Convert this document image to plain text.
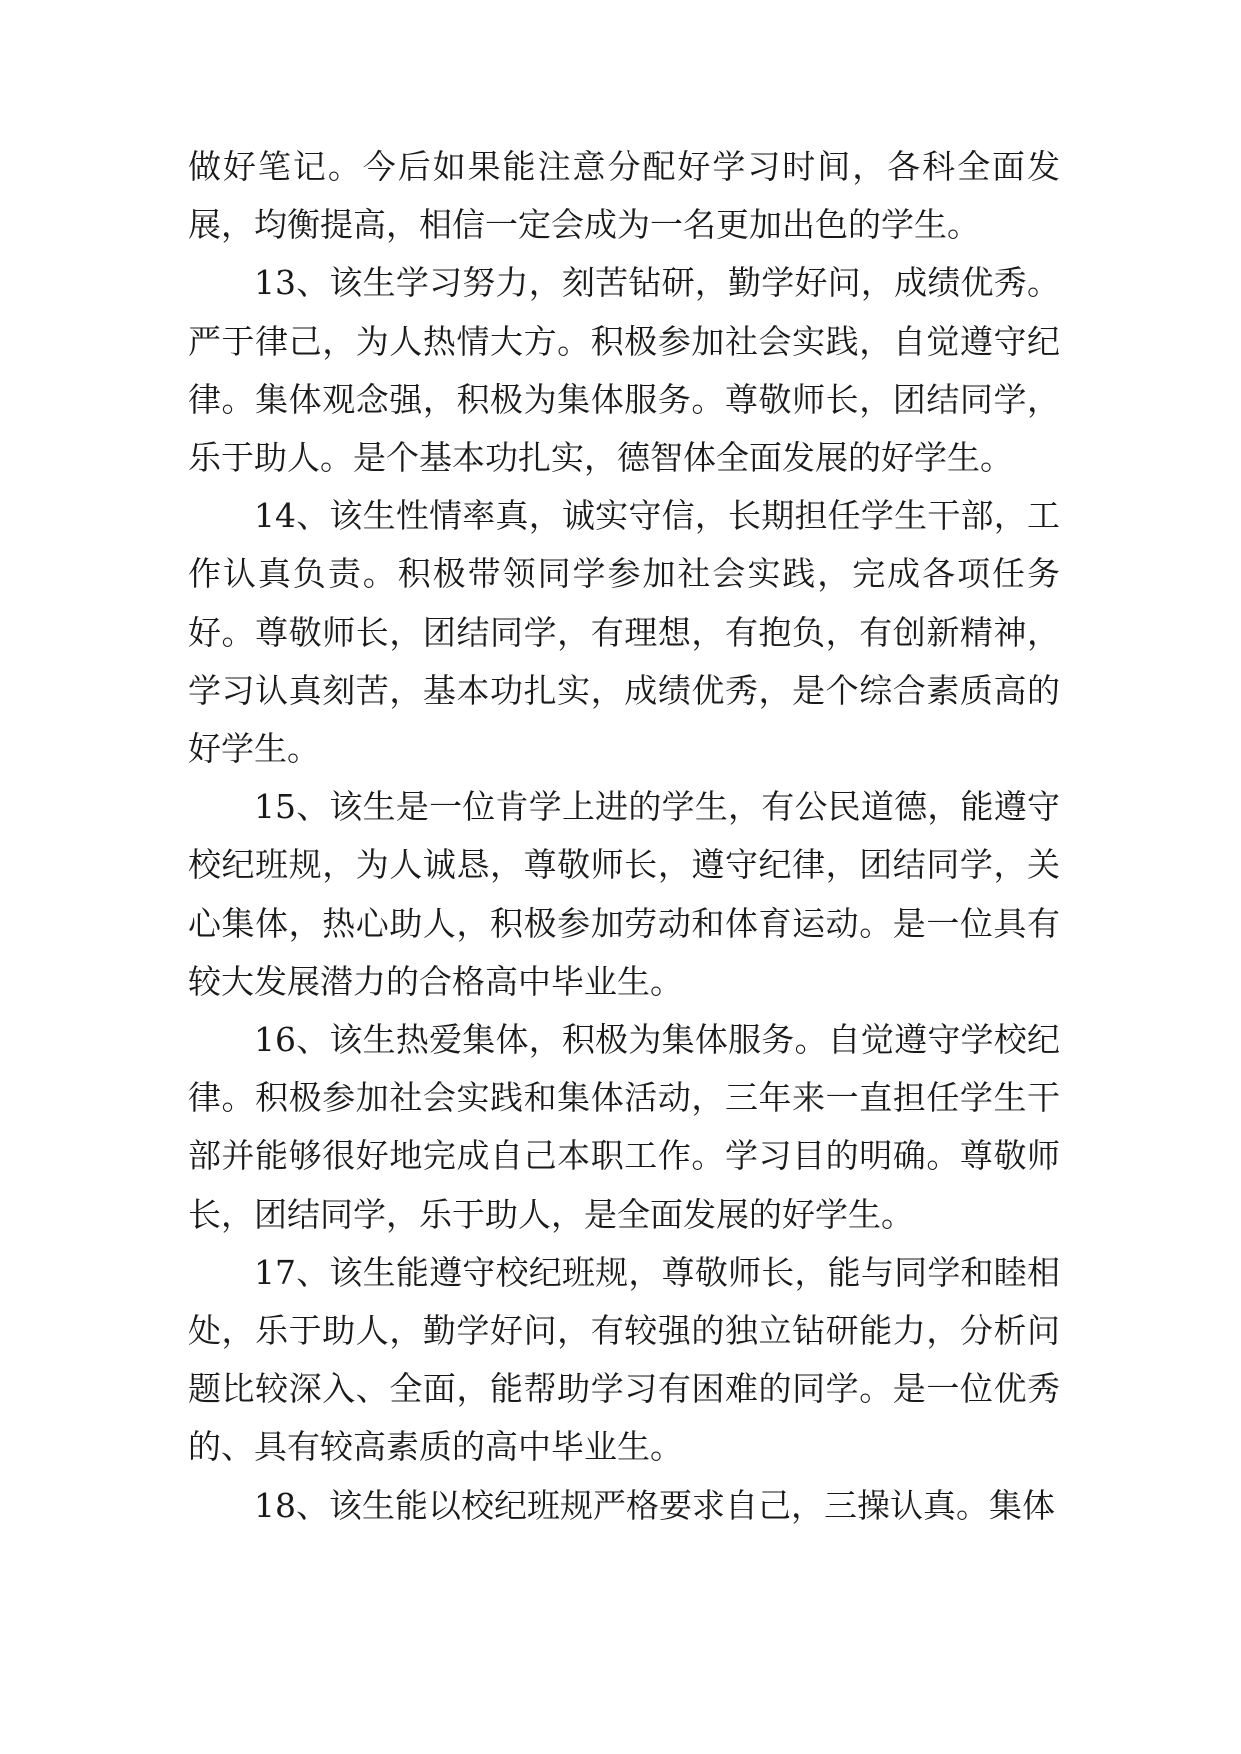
做好笔记。今后如果能注意分配好学习时间，各科全面发展，均衡提高，相信一定会成为一名更加出色的学生。

13、该生学习努力，刻苦钻研，勤学好问，成绩优秀。严于律己，为人热情大方。积极参加社会实践，自觉遵守纪律。集体观念强，积极为集体服务。尊敬师长，团结同学，乐于助人。是个基本功扎实，德智体全面发展的好学生。

14、该生性情率真，诚实守信，长期担任学生干部，工作认真负责。积极带领同学参加社会实践，完成各项任务好。尊敬师长，团结同学，有理想，有抱负，有创新精神，学习认真刻苦，基本功扎实，成绩优秀，是个综合素质高的好学生。

15、该生是一位肯学上进的学生，有公民道德，能遵守校纪班规，为人诚恳，尊敬师长，遵守纪律，团结同学，关心集体，热心助人，积极参加劳动和体育运动。是一位具有较大发展潜力的合格高中毕业生。

16、该生热爱集体，积极为集体服务。自觉遵守学校纪律。积极参加社会实践和集体活动，三年来一直担任学生干部并能够很好地完成自己本职工作。学习目的明确。尊敬师长，团结同学，乐于助人，是全面发展的好学生。

17、该生能遵守校纪班规，尊敬师长，能与同学和睦相处，乐于助人，勤学好问，有较强的独立钻研能力，分析问题比较深入、全面，能帮助学习有困难的同学。是一位优秀的、具有较高素质的高中毕业生。

18、该生能以校纪班规严格要求自己，三操认真。集体
